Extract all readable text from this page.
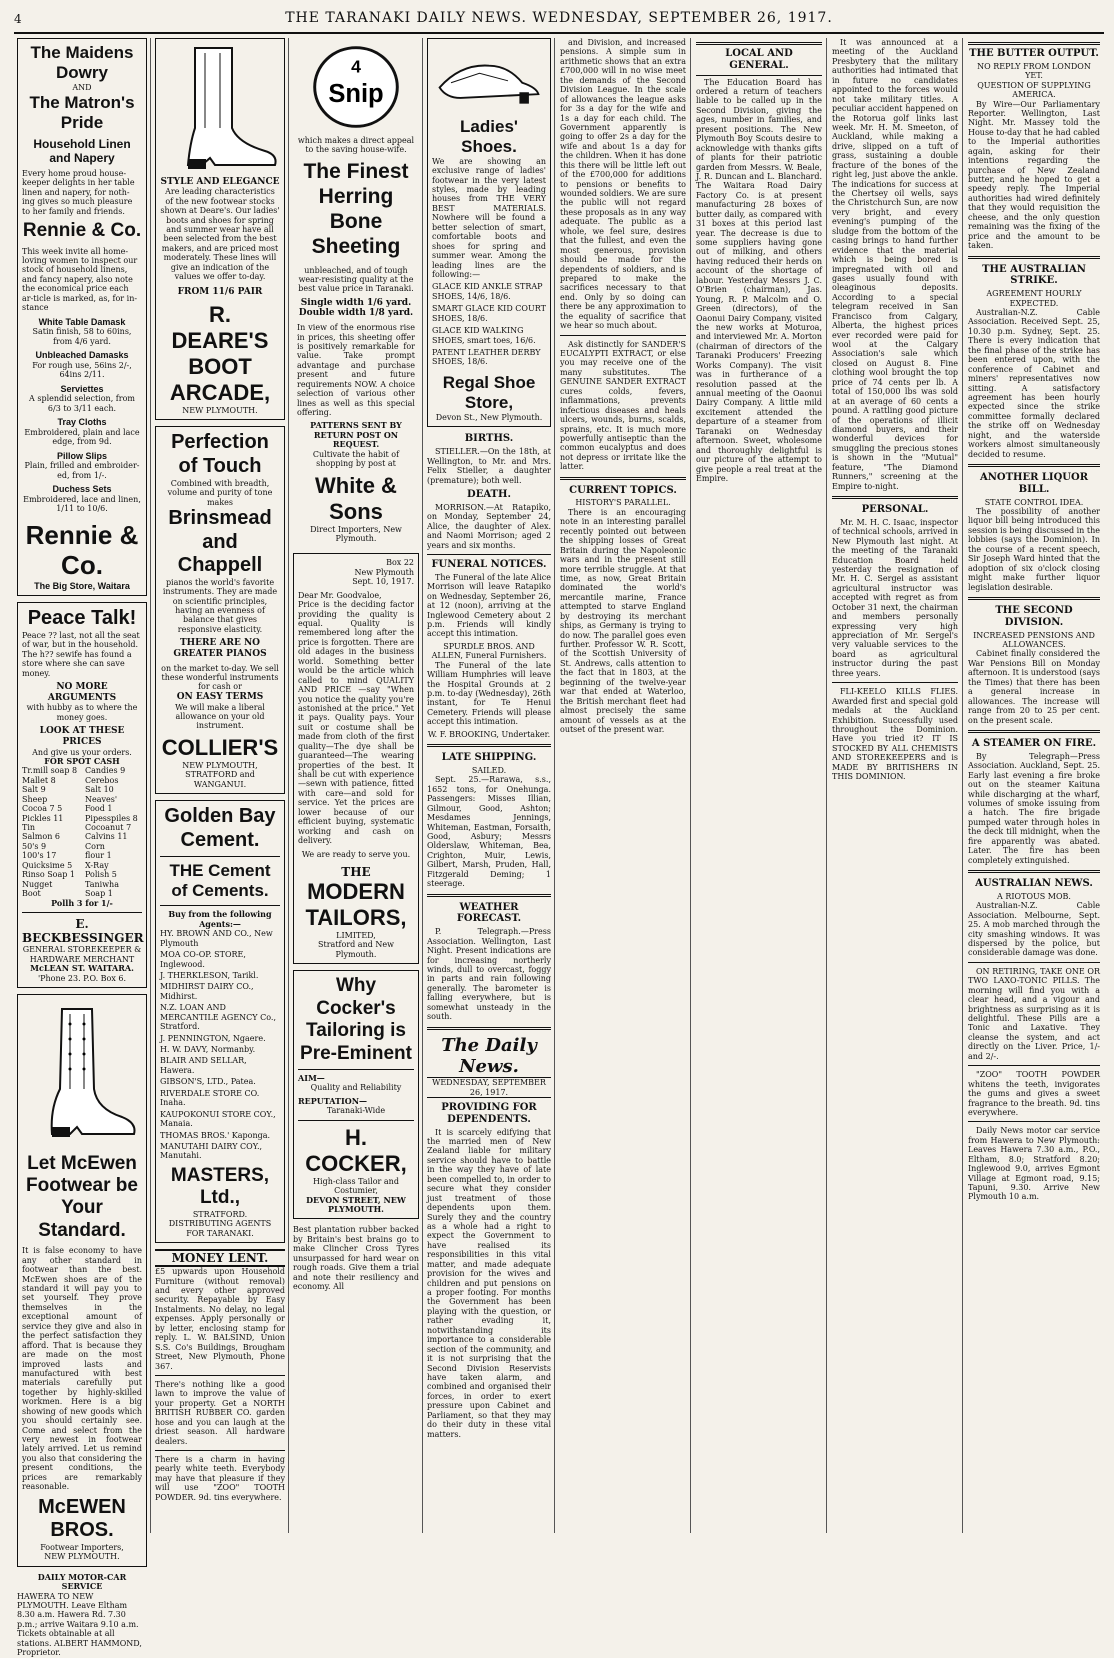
4	THE TARANAKI DAILY NEWS. WEDNESDAY, SEPTEMBER 26, 1917.
The Maidens Dowry
AND
The Matron's Pride
Household Linen and Napery
Every home proud house-keeper delights in her table linen and napery, for noth-ing gives so much pleasure to her family and friends.
Rennie & Co.
This week invite all home-loving women to inspect our stock of household linens, and fancy napery, also note the economical price each ar-ticle is marked, as, for in-stance
White Table Damask
Satin finish, 58 to 60ins, from 4/6 yard.
Unbleached Damasks
For rough use, 56ins 2/-, 64ins 2/11.
Serviettes
A splendid selection, from 6/3 to 3/11 each.
Tray Cloths
Embroidered, plain and lace edge, from 9d.
Pillow Slips
Plain, frilled and embroider-ed, from 1/-.
Duchess Sets
Embroidered, lace and linen, 1/11 to 10/6.
Rennie & Co.
The Big Store, Waitara
Peace Talk!
Peace ?? last, not all the seat of war, but in the household. The h?? sewife has found a store where she can save money.
NO MORE ARGUMENTS
with hubby as to where the money goes.
LOOK AT THESE PRICES
And give us your orders.
FOR SPOT CASH
Tr.mill soap 8 Candies 9
Mallet 8	Cerebos
Salt 9	Salt 10
Sheep	Neaves'
Cocoa 7 5	Food 1
Pickles 11	Pipesspiles 8
Tin	Cocoanut 7
Salmon 6	Calvins 11
50's 9	Corn
100's 17	flour 1
Quicksime 5	X-Ray
Rinso Soap 1	Polish 5
Nugget	Taniwha
Boot	Soap 1
Pollh 3 for 1/-
E. BECKBESSINGER
GENERAL STOREKEEPER & HARDWARE MERCHANT
McLEAN ST. WAITARA.
'Phone 23. P.O. Box 6.
Let McEwen Footwear be Your Standard.
It is false economy to have any other standard in footwear than the best. McEwen shoes are of the standard it will pay you to set yourself. They prove themselves in the exceptional amount of service they give and also in the perfect satisfaction they afford. That is because they are made on the most improved lasts and manufactured with best materials carefully put together by highly-skilled workmen. Here is a big showing of new goods which you should certainly see. Come and select from the very newest in footwear lately arrived. Let us remind you also that considering the present conditions, the prices are remarkably reasonable.
McEWEN BROS.
Footwear Importers,
NEW PLYMOUTH.
DAILY MOTOR-CAR SERVICE
HAWERA TO NEW PLYMOUTH. Leave Eltham 8.30 a.m. Hawera Rd. 7.30 p.m.; arrive Waitara 9.10 a.m. Tickets obtainable at all stations. ALBERT HAMMOND, Proprietor.
STYLE AND ELEGANCE
Are leading characteristics of the new footwear stocks shown at Deare's. Our ladies' boots and shoes for spring and summer wear have all been selected from the best makers, and are priced most moderately. These lines will give an indication of the values we offer to-day.
FROM 11/6 PAIR
R. DEARE'S
BOOT ARCADE,
NEW PLYMOUTH.
Perfection of Touch
Combined with breadth, volume and purity of tone makes
Brinsmead and Chappell
pianos the world's favorite instruments. They are made on scientific principles, having an evenness of balance that gives responsive elasticity.
THERE ARE NO GREATER PIANOS
on the market to-day. We sell these wonderful instruments for cash or
ON EASY TERMS
We will make a liberal allowance on your old instrument.
COLLIER'S
NEW PLYMOUTH, STRATFORD and WANGANUI.
Golden Bay Cement.
THE Cement of Cements.
Buy from the following Agents:—
HY. BROWN AND CO., New Plymouth
MOA CO-OP. STORE, Inglewood.
J. THERKLESON, Tarikl.
MIDHIRST DAIRY CO., Midhirst.
N.Z. LOAN AND MERCANTILE AGENCY Co., Stratford.
J. PENNINGTON, Ngaere.
H. W. DAVY, Normanby.
BLAIR AND SELLAR, Hawera.
GIBSON'S, LTD., Patea.
RIVERDALE STORE CO. Inaha.
KAUPOKONUI STORE COY., Manaia.
THOMAS BROS.' Kaponga.
MANUTAHI DAIRY COY., Manutahi.
MASTERS, Ltd.,
STRATFORD. DISTRIBUTING AGENTS FOR TARANAKI.
MONEY LENT.
£5 upwards upon Household Furniture (without removal) and every other approved security. Repayable by Easy Instalments. No delay, no legal expenses. Apply personally or by letter, enclosing stamp for reply. L. W. BALSIND, Union S.S. Co's Buildings, Brougham Street, New Plymouth, Phone 367.
There's nothing like a good lawn to improve the value of your property. Get a NORTH BRITISH RUBBER CO. garden hose and you can laugh at the driest season. All hardware dealers.
There is a charm in having pearly white teeth. Everybody may have that pleasure if they will use "ZOO" TOOTH POWDER. 9d. tins everywhere.
4
Snip
which makes a direct appeal to the saving house-wife.
The Finest Herring Bone Sheeting
unbleached, and of tough wear-resisting quality at the best value price in Taranaki.
Single width 1/6 yard.
Double width 1/8 yard.
In view of the enormous rise in prices, this sheeting offer is positively remarkable for value. Take prompt advantage and purchase present and future requirements NOW. A choice selection of various other lines as well as this special offering.
PATTERNS SENT BY RETURN POST ON REQUEST.
Cultivate the habit of shopping by post at
White & Sons
Direct Importers, New Plymouth.
Box 22
New Plymouth
Sept. 10, 1917.
Dear Mr. Goodvaloe,
Price is the deciding factor providing the quality is equal. Quality is remembered long after the price is forgotten. There are old adages in the business world. Something better would be the article which called to mind QUALITY AND PRICE —say "When you notice the quality you're astonished at the price." Yet it pays. Quality pays. Your suit or costume shall be made from cloth of the first quality—The dye shall be guaranteed—The wearing properties of the best. It shall be cut with experience—sewn with patience, fitted with care—and sold for service. Yet the prices are lower because of our efficient buying, systematic working and cash on delivery.
We are ready to serve you.
THE
MODERN TAILORS,
LIMITED,
Stratford and New Plymouth.
Why Cocker's Tailoring is Pre-Eminent
AIM—
Quality and Reliability
REPUTATION—
Taranaki-Wide
H. COCKER,
High-class Tailor and Costumier,
DEVON STREET, NEW PLYMOUTH.
Best plantation rubber backed by Britain's best brains go to make Clincher Cross Tyres unsurpassed for hard wear on rough roads. Give them a trial and note their resiliency and economy. All
Ladies' Shoes.
We are showing an exclusive range of ladies' footwear in the very latest styles, made by leading houses from THE VERY BEST MATERIALS. Nowhere will be found a better selection of smart, comfortable boots and shoes for spring and summer wear. Among the leading lines are the following:—
GLACE KID ANKLE STRAP SHOES, 14/6, 18/6.
SMART GLACE KID COURT SHOES, 18/6.
GLACE KID WALKING SHOES, smart toes, 16/6.
PATENT LEATHER DERBY SHOES, 18/6.
Regal Shoe Store,
Devon St., New Plymouth.
BIRTHS.

STIELLER.—On the 18th, at Wellington, to Mr. and Mrs. Felix Stieller, a daughter (premature); both well.

DEATH.

MORRISON.—At Ratapiko, on Monday, September 24, Alice, the daughter of Alex. and Naomi Morrison; aged 2 years and six months.

FUNERAL NOTICES.

The Funeral of the late Alice Morrison will leave Ratapiko on Wednesday, September 26, at 12 (noon), arriving at the Inglewood Cemetery about 2 p.m. Friends will kindly accept this intimation.

SPURDLE BROS. AND ALLEN, Funeral Furnishers.

The Funeral of the late William Humphries will leave the Hospital Grounds at 2 p.m. to-day (Wednesday), 26th instant, for Te Henui Cemetery. Friends will please accept this intimation.

W. F. BROOKING, Undertaker.
LATE SHIPPING.
SAILED.

Sept. 25.—Rarawa, s.s., 1652 tons, for Onehunga. Passengers: Misses Illian, Gilmour, Good, Ashton; Mesdames Jennings, Whiteman, Eastman, Forsaith, Good, Asbury; Messrs Olderslaw, Whiteman, Bea, Crighton, Muir, Lewis, Gilbert, Marsh, Pruden, Hall, Fitzgerald Deming; 1 steerage.

WEATHER FORECAST.

P. Telegraph.—Press Association. Wellington, Last Night. Present indications are for increasing northerly winds, dull to overcast, foggy in parts and rain following generally. The barometer is falling everywhere, but is somewhat unsteady in the south.

The Daily News.
WEDNESDAY, SEPTEMBER 26, 1917.
PROVIDING FOR DEPENDENTS.

It is scarcely edifying that the married men of New Zealand liable for military service should have to battle in the way they have of late been compelled to, in order to secure what they consider just treatment of those dependents upon them. Surely they and the country as a whole had a right to expect the Government to have realised its responsibilities in this vital matter, and made adequate provision for the wives and children and put pensions on a proper footing. For months the Government has been playing with the question, or rather evading it, notwithstanding its importance to a considerable section of the community, and it is not surprising that the Second Division Reservists have taken alarm, and combined and organised their forces, in order to exert pressure upon Cabinet and Parliament, so that they may do their duty in these vital matters.

and Division, and increased pensions. A simple sum in arithmetic shows that an extra £700,000 will in no wise meet the demands of the Second Division League. In the scale of allowances the league asks for 3s a day for the wife and 1s a day for each child. The Government apparently is going to offer 2s a day for the wife and about 1s a day for the children. When it has done this there will be little left out of the £700,000 for additions to pensions or benefits to wounded soldiers. We are sure the public will not regard these proposals as in any way adequate. The public as a whole, we feel sure, desires that the fullest, and even the most generous, provision should be made for the dependents of soldiers, and is prepared to make the sacrifices necessary to that end. Only by so doing can there be any approximation to the equality of sacrifice that we hear so much about.

Ask distinctly for SANDER'S EUCALYPTI EXTRACT, or else you may receive one of the many substitutes. The GENUINE SANDER EXTRACT cures colds, fevers, inflammations, prevents infectious diseases and heals ulcers, wounds, burns, scalds, sprains, etc. It is much more powerfully antiseptic than the common eucalyptus and does not depress or irritate like the latter.

CURRENT TOPICS.
HISTORY'S PARALLEL.

There is an encouraging note in an interesting parallel recently pointed out between the shipping losses of Great Britain during the Napoleonic wars and in the present still more terrible struggle. At that time, as now, Great Britain dominated the world's mercantile marine, France attempted to starve England by destroying its merchant ships, as Germany is trying to do now. The parallel goes even further. Professor W. R. Scott, of the Scottish University of St. Andrews, calls attention to the fact that in 1803, at the beginning of the twelve-year war that ended at Waterloo, the British merchant fleet had almost precisely the same amount of vessels as at the outset of the present war.

LOCAL AND GENERAL.

The Education Board has ordered a return of teachers liable to be called up in the Second Division, giving the ages, number in families, and present positions. The New Plymouth Boy Scouts desire to acknowledge with thanks gifts of plants for their patriotic garden from Messrs. W. Beale, J. R. Duncan and L. Blanchard. The Waitara Road Dairy Factory Co. is at present manufacturing 28 boxes of butter daily, as compared with 31 boxes at this period last year. The decrease is due to some suppliers having gone out of milking, and others having reduced their herds on account of the shortage of labour. Yesterday Messrs J. C. O'Brien (chairman), Jas. Young, R. P. Malcolm and O. Green (directors), of the Oaonui Dairy Company, visited the new works at Moturoa, and interviewed Mr. A. Morton (chairman of directors of the Taranaki Producers' Freezing Works Company). The visit was in furtherance of a resolution passed at the annual meeting of the Oaonui Dairy Company. A little mild excitement attended the departure of a steamer from Taranaki on Wednesday afternoon. Sweet, wholesome and thoroughly delightful is our picture of the attempt to give people a real treat at the Empire.

It was announced at a meeting of the Auckland Presbytery that the military authorities had intimated that in future no candidates appointed to the forces would not take military titles. A peculiar accident happened on the Rotorua golf links last week. Mr. H. M. Smeeton, of Auckland, while making a drive, slipped on a tuft of grass, sustaining a double fracture of the bones of the right leg, just above the ankle. The indications for success at the Chertsey oil wells, says the Christchurch Sun, are now very bright, and every evening's pumping of the sludge from the bottom of the casing brings to hand further evidence that the material which is being bored is impregnated with oil and gases usually found with oleaginous deposits. According to a special telegram received in San Francisco from Calgary, Alberta, the highest prices ever recorded were paid for wool at the Calgary Association's sale which closed on August 8. Fine clothing wool brought the top price of 74 cents per lb. A total of 150,000 lbs was sold at an average of 60 cents a pound. A rattling good picture of the operations of illicit diamond buyers, and their wonderful devices for smuggling the precious stones is shown in the "Mutual" feature, "The Diamond Runners," screening at the Empire to-night.

PERSONAL.

Mr. M. H. C. Isaac, inspector of technical schools, arrived in New Plymouth last night. At the meeting of the Taranaki Education Board held yesterday the resignation of Mr. H. C. Sergel as assistant agricultural instructor was accepted with regret as from October 31 next, the chairman and members personally expressing very high appreciation of Mr. Sergel's very valuable services to the board as agricultural instructor during the past three years.

FLI-KEELO KILLS FLIES. Awarded first and special gold medals at the Auckland Exhibition. Successfully used throughout the Dominion. Have you tried it? IT IS STOCKED BY ALL CHEMISTS AND STOREKEEPERS and is MADE BY BRITISHERS IN THIS DOMINION.

THE BUTTER OUTPUT.
NO REPLY FROM LONDON YET.
QUESTION OF SUPPLYING AMERICA.

By Wire—Our Parliamentary Reporter. Wellington, Last Night. Mr. Massey told the House to-day that he had cabled to the Imperial authorities again, asking for their intentions regarding the purchase of New Zealand butter, and he hoped to get a speedy reply. The Imperial authorities had wired definitely that they would requisition the cheese, and the only question remaining was the fixing of the price and the amount to be taken.

THE AUSTRALIAN STRIKE.
AGREEMENT HOURLY EXPECTED.

Australian-N.Z. Cable Association. Received Sept. 25, 10.30 p.m. Sydney, Sept. 25. There is every indication that the final phase of the strike has been entered upon, with the conference of Cabinet and miners' representatives now sitting. A satisfactory agreement has been hourly expected since the strike committee formally declared the strike off on Wednesday night, and the waterside workers almost simultaneously decided to resume.

ANOTHER LIQUOR BILL.
STATE CONTROL IDEA.

The possibility of another liquor bill being introduced this session is being discussed in the lobbies (says the Dominion). In the course of a recent speech, Sir Joseph Ward hinted that the adoption of six o'clock closing might make further liquor legislation desirable.

THE SECOND DIVISION.
INCREASED PENSIONS AND ALLOWANCES.

Cabinet finally considered the War Pensions Bill on Monday afternoon. It is understood (says the Times) that there has been a general increase in allowances. The increase will range from 20 to 25 per cent. on the present scale.

A STEAMER ON FIRE.

By Telegraph—Press Association. Auckland, Sept. 25. Early last evening a fire broke out on the steamer Kaituna while discharging at the wharf, volumes of smoke issuing from a hatch. The fire brigade pumped water through holes in the deck till midnight, when the fire apparently was abated. Later. The fire has been completely extinguished.

AUSTRALIAN NEWS.
A RIOTOUS MOB.

Australian-N.Z. Cable Association. Melbourne, Sept. 25. A mob marched through the city smashing windows. It was dispersed by the police, but considerable damage was done.

ON RETIRING, TAKE ONE OR TWO LAXO-TONIC PILLS. The morning will find you with a clear head, and a vigour and brightness as surprising as it is delightful. These Pills are a Tonic and Laxative. They cleanse the system, and act directly on the Liver. Price, 1/- and 2/-.

"ZOO" TOOTH POWDER whitens the teeth, invigorates the gums and gives a sweet fragrance to the breath. 9d. tins everywhere.

Daily News motor car service from Hawera to New Plymouth: Leaves Hawera 7.30 a.m., P.O., Eltham, 8.0; Stratford 8.20; Inglewood 9.0, arrives Egmont Village at Egmont road, 9.15; Tapuni, 9.30. Arrive New Plymouth 10 a.m.
